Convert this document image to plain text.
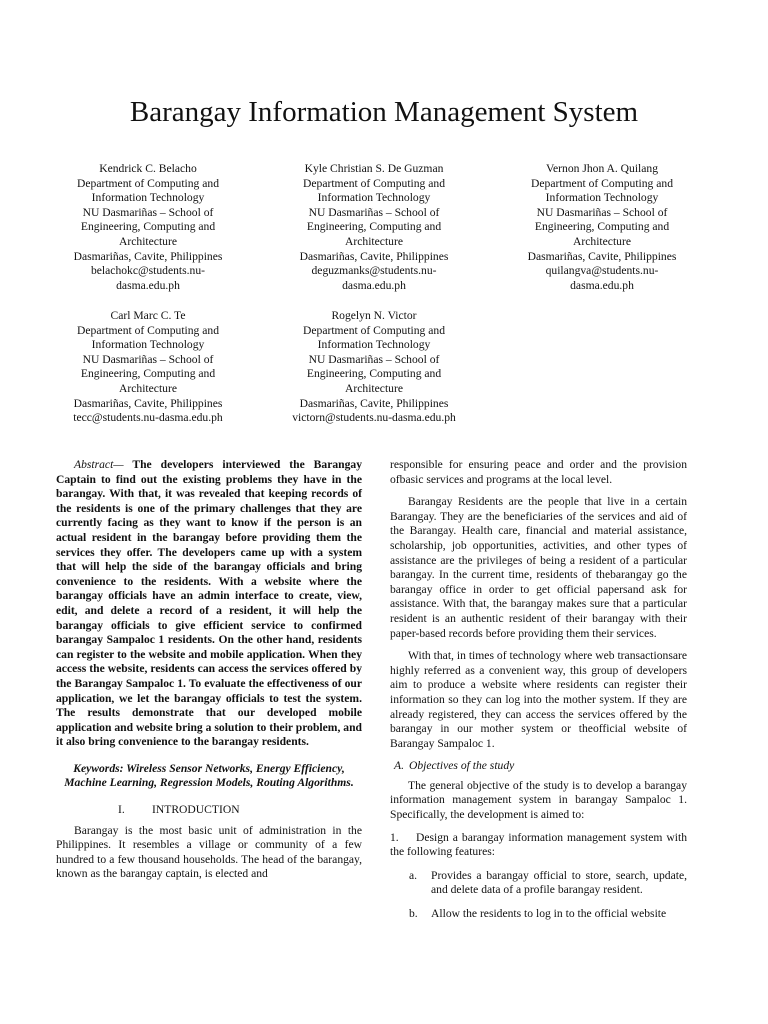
Barangay Information Management System
Kendrick C. Belacho
Department of Computing and
Information Technology
NU Dasmariñas – School of
Engineering, Computing and
Architecture
Dasmariñas, Cavite, Philippines
belachokc@students.nu-
dasma.edu.ph
Kyle Christian S. De Guzman
Department of Computing and
Information Technology
NU Dasmariñas – School of
Engineering, Computing and
Architecture
Dasmariñas, Cavite, Philippines
deguzmanks@students.nu-
dasma.edu.ph
Vernon Jhon A. Quilang
Department of Computing and
Information Technology
NU Dasmariñas – School of
Engineering, Computing and
Architecture
Dasmariñas, Cavite, Philippines
quilangva@students.nu-
dasma.edu.ph
Carl Marc C. Te
Department of Computing and
Information Technology
NU Dasmariñas – School of
Engineering, Computing and
Architecture
Dasmariñas, Cavite, Philippines
tecc@students.nu-dasma.edu.ph
Rogelyn N. Victor
Department of Computing and
Information Technology
NU Dasmariñas – School of
Engineering, Computing and
Architecture
Dasmariñas, Cavite, Philippines
victorn@students.nu-dasma.edu.ph

Abstract— The developers interviewed the Barangay Captain to find out the existing problems they have in the barangay. With that, it was revealed that keeping records of the residents is one of the primary challenges that they are currently facing as they want to know if the person is an actual resident in the barangay before providing them the services they offer. The developers came up with a system that will help the side of the barangay officials and bring convenience to the residents. With a website where the barangay officials have an admin interface to create, view, edit, and delete a record of a resident, it will help the barangay officials to give efficient service to confirmed barangay Sampaloc 1 residents. On the other hand, residents can register to the website and mobile application. When they access the website, residents can access the services offered by the Barangay Sampaloc 1. To evaluate the effectiveness of our application, we let the barangay officials to test the system. The results demonstrate that our developed mobile application and website bring a solution to their problem, and it also bring convenience to the barangay residents.

Keywords: Wireless Sensor Networks, Energy Efficiency, Machine Learning, Regression Models, Routing Algorithms.

I. INTRODUCTION

Barangay is the most basic unit of administration in the Philippines. It resembles a village or community of a few hundred to a few thousand households. The head of the barangay, known as the barangay captain, is elected and

responsible for ensuring peace and order and the provision ofbasic services and programs at the local level.

Barangay Residents are the people that live in a certain Barangay. They are the beneficiaries of the services and aid of the Barangay. Health care, financial and material assistance, scholarship, job opportunities, activities, and other types of assistance are the privileges of being a resident of a particular barangay. In the current time, residents of thebarangay go the barangay office in order to get official papersand ask for assistance. With that, the barangay makes sure that a particular resident is an authentic resident of their barangay with their paper-based records before providing them their services.

With that, in times of technology where web transactionsare highly referred as a convenient way, this group of developers aim to produce a website where residents can register their information so they can log into the mother system. If they are already registered, they can access the services offered by the barangay in our mother system or theofficial website of Barangay Sampaloc 1.

A. Objectives of the study

The general objective of the study is to develop a barangay information management system in barangay Sampaloc 1. Specifically, the development is aimed to:

1. Design a barangay information management system with the following features:

a. Provides a barangay official to store, search, update, and delete data of a profile barangay resident.

b. Allow the residents to log in to the official website
